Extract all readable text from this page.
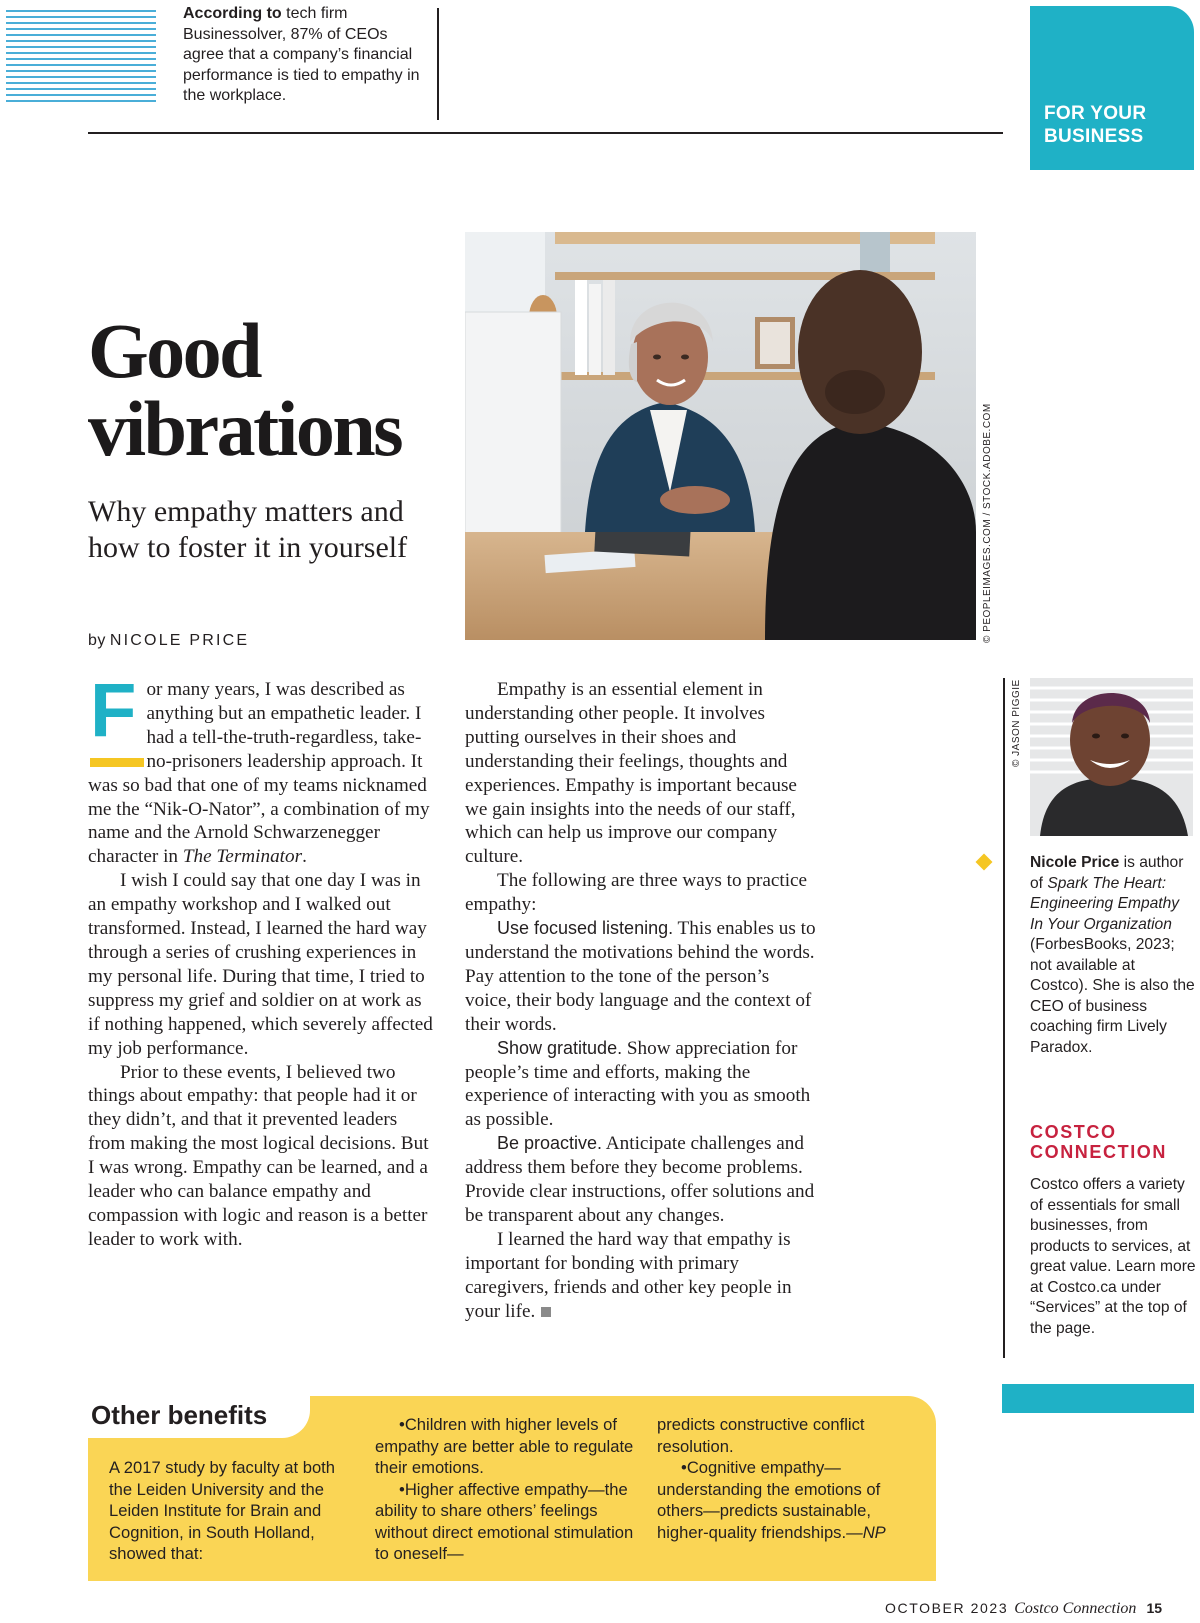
According to tech firm Businessolver, 87% of CEOs agree that a company’s financial performance is tied to empathy in the workplace.
FOR YOUR BUSINESS
Good vibrations
Why empathy matters and how to foster it in yourself
by NICOLE PRICE	© PEOPLEIMAGES.COM / STOCK.ADOBE.COM

For many years, I was described as anything but an empathetic leader. I had a tell-the-truth-regardless, take-no-prisoners leadership approach. It was so bad that one of my teams nicknamed me the “Nik-O-Nator”, a combination of my name and the Arnold Schwarzenegger character in The Terminator.

I wish I could say that one day I was in an empathy workshop and I walked out transformed. Instead, I learned the hard way through a series of crushing experiences in my personal life. During that time, I tried to suppress my grief and soldier on at work as if nothing happened, which severely affected my job performance.

Prior to these events, I believed two things about empathy: that people had it or they didn’t, and that it prevented leaders from making the most logical decisions. But I was wrong. Empathy can be learned, and a leader who can balance empathy and compassion with logic and reason is a better leader to work with.

Empathy is an essential element in understanding other people. It involves putting ourselves in their shoes and understanding their feelings, thoughts and experiences. Empathy is important because we gain insights into the needs of our staff, which can help us improve our company culture.

The following are three ways to practice empathy:

Use focused listening. This enables us to understand the motivations behind the words. Pay attention to the tone of the person’s voice, their body language and the context of their words.

Show gratitude. Show appreciation for people’s time and efforts, making the experience of interacting with you as smooth as possible.

Be proactive. Anticipate challenges and address them before they become problems. Provide clear instructions, offer solutions and be transparent about any changes.

I learned the hard way that empathy is important for bonding with primary caregivers, friends and other key people in your life.

© JASON PIGGIE
Nicole Price is author of Spark The Heart: Engineering Empathy In Your Organization (ForbesBooks, 2023; not available at Costco). She is also the CEO of business coaching firm Lively Paradox.
COSTCO
CONNECTION
Costco offers a variety of essentials for small businesses, from products to services, at great value. Learn more at Costco.ca under “Services” at the top of the page.
Other benefits
A 2017 study by faculty at both the Leiden University and the Leiden Institute for Brain and Cognition, in South Holland, showed that:

•Children with higher levels of empathy are better able to regulate their emotions.

•Higher affective empathy—the ability to share others’ feelings without direct emotional stimulation to oneself—

predicts constructive conflict resolution.

•Cognitive empathy—understanding the emotions of others—predicts sustainable, higher-quality friendships.—NP

OCTOBER 2023 Costco Connection 15
